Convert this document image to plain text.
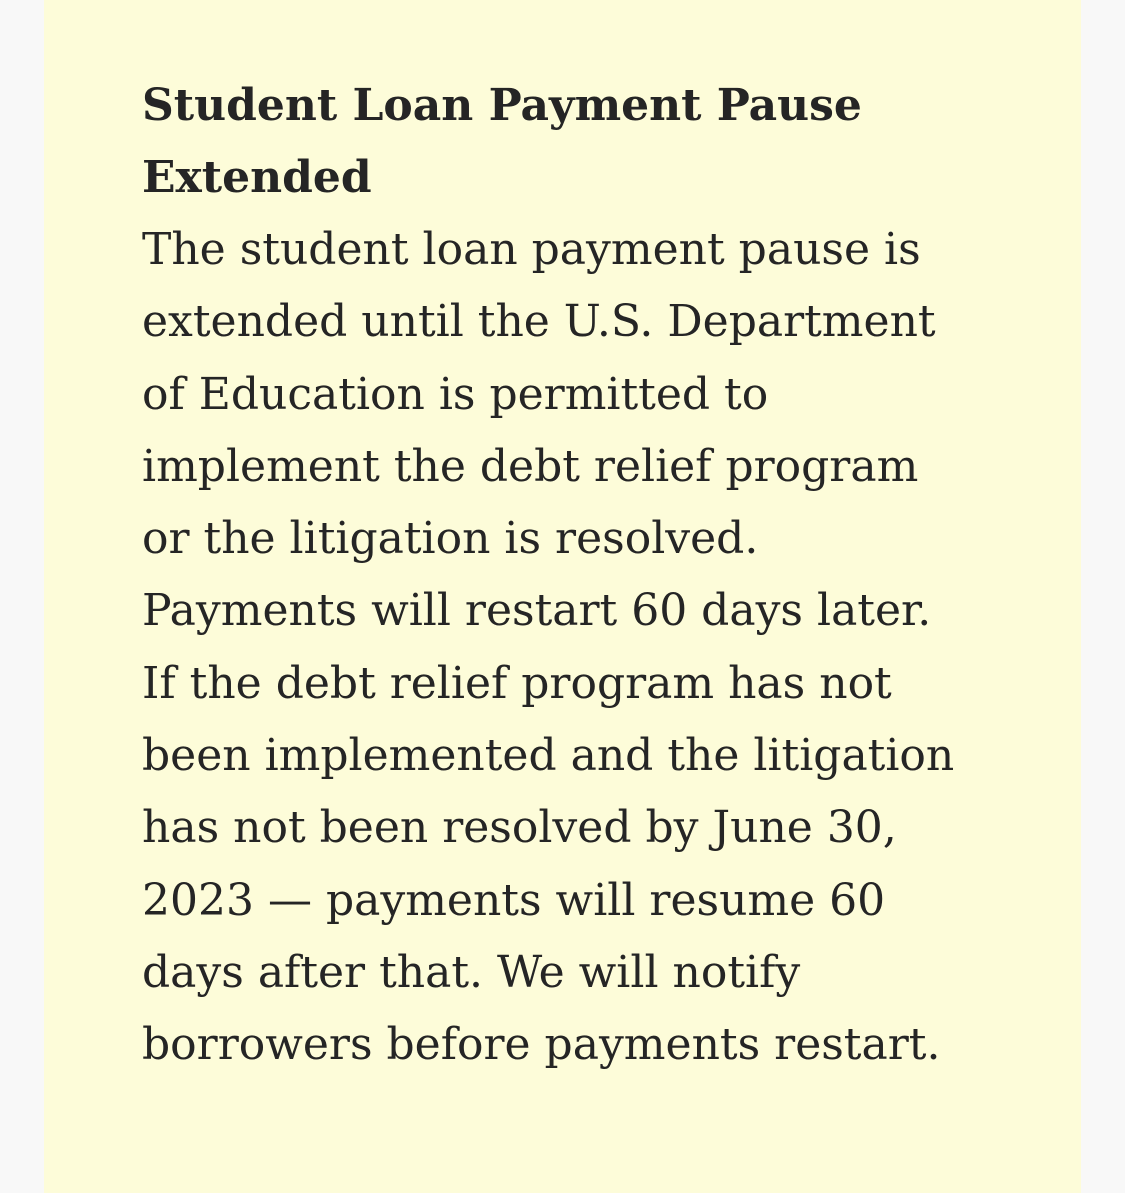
Student Loan Payment Pause
Extended

The student loan payment pause is
extended until the U.S. Department
of Education is permitted to
implement the debt relief program
or the litigation is resolved.
Payments will restart 60 days later.
If the debt relief program has not
been implemented and the litigation
has not been resolved by June 30,
2023 — payments will resume 60
days after that. We will notify
borrowers before payments restart.
